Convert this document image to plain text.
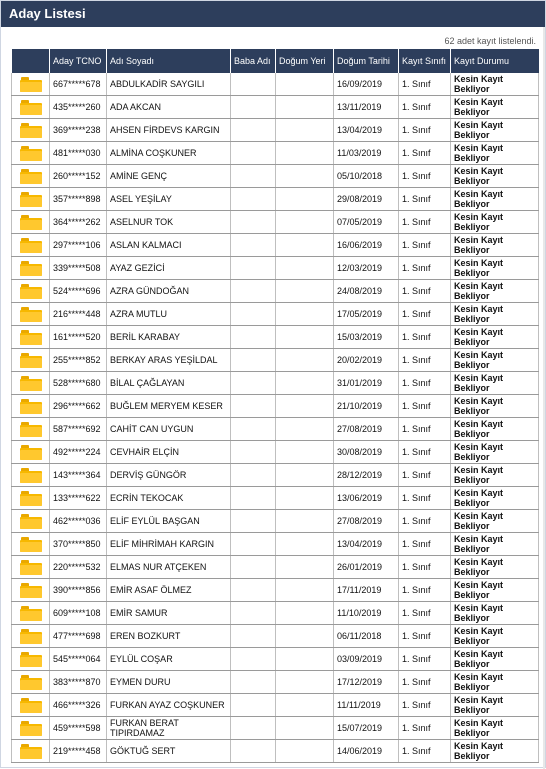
Aday Listesi
62 adet kayıt listelendi.
	Aday TCNO	Adı Soyadı	Baba Adı	Doğum Yeri	Doğum Tarihi	Kayıt Sınıfı	Kayıt Durumu

	667*****678	ABDULKADİR SAYGILI			16/09/2019	1. Sınıf	Kesin Kayıt Bekliyor

	435*****260	ADA AKCAN			13/11/2019	1. Sınıf	Kesin Kayıt Bekliyor

	369*****238	AHSEN FİRDEVS KARGIN			13/04/2019	1. Sınıf	Kesin Kayıt Bekliyor

	481*****030	ALMİNA COŞKUNER			11/03/2019	1. Sınıf	Kesin Kayıt Bekliyor

	260*****152	AMİNE GENÇ			05/10/2018	1. Sınıf	Kesin Kayıt Bekliyor

	357*****898	ASEL YEŞİLAY			29/08/2019	1. Sınıf	Kesin Kayıt Bekliyor

	364*****262	ASELNUR TOK			07/05/2019	1. Sınıf	Kesin Kayıt Bekliyor

	297*****106	ASLAN KALMACI			16/06/2019	1. Sınıf	Kesin Kayıt Bekliyor

	339*****508	AYAZ GEZİCİ			12/03/2019	1. Sınıf	Kesin Kayıt Bekliyor

	524*****696	AZRA GÜNDOĞAN			24/08/2019	1. Sınıf	Kesin Kayıt Bekliyor

	216*****448	AZRA MUTLU			17/05/2019	1. Sınıf	Kesin Kayıt Bekliyor

	161*****520	BERİL KARABAY			15/03/2019	1. Sınıf	Kesin Kayıt Bekliyor

	255*****852	BERKAY ARAS YEŞİLDAL			20/02/2019	1. Sınıf	Kesin Kayıt Bekliyor

	528*****680	BİLAL ÇAĞLAYAN			31/01/2019	1. Sınıf	Kesin Kayıt Bekliyor

	296*****662	BUĞLEM MERYEM KESER			21/10/2019	1. Sınıf	Kesin Kayıt Bekliyor

	587*****692	CAHİT CAN UYGUN			27/08/2019	1. Sınıf	Kesin Kayıt Bekliyor

	492*****224	CEVHAİR ELÇİN			30/08/2019	1. Sınıf	Kesin Kayıt Bekliyor

	143*****364	DERVİŞ GÜNGÖR			28/12/2019	1. Sınıf	Kesin Kayıt Bekliyor

	133*****622	ECRİN TEKOCAK			13/06/2019	1. Sınıf	Kesin Kayıt Bekliyor

	462*****036	ELİF EYLÜL BAŞGAN			27/08/2019	1. Sınıf	Kesin Kayıt Bekliyor

	370*****850	ELİF MİHRİMAH KARGIN			13/04/2019	1. Sınıf	Kesin Kayıt Bekliyor

	220*****532	ELMAS NUR ATÇEKEN			26/01/2019	1. Sınıf	Kesin Kayıt Bekliyor

	390*****856	EMİR ASAF ÖLMEZ			17/11/2019	1. Sınıf	Kesin Kayıt Bekliyor

	609*****108	EMİR SAMUR			11/10/2019	1. Sınıf	Kesin Kayıt Bekliyor

	477*****698	EREN BOZKURT			06/11/2018	1. Sınıf	Kesin Kayıt Bekliyor

	545*****064	EYLÜL COŞAR			03/09/2019	1. Sınıf	Kesin Kayıt Bekliyor

	383*****870	EYMEN DURU			17/12/2019	1. Sınıf	Kesin Kayıt Bekliyor

	466*****326	FURKAN AYAZ COŞKUNER			11/11/2019	1. Sınıf	Kesin Kayıt Bekliyor

	459*****598	FURKAN BERAT TIPIRDAMAZ			15/07/2019	1. Sınıf	Kesin Kayıt Bekliyor

	219*****458	GÖKTUĞ SERT			14/06/2019	1. Sınıf	Kesin Kayıt Bekliyor
